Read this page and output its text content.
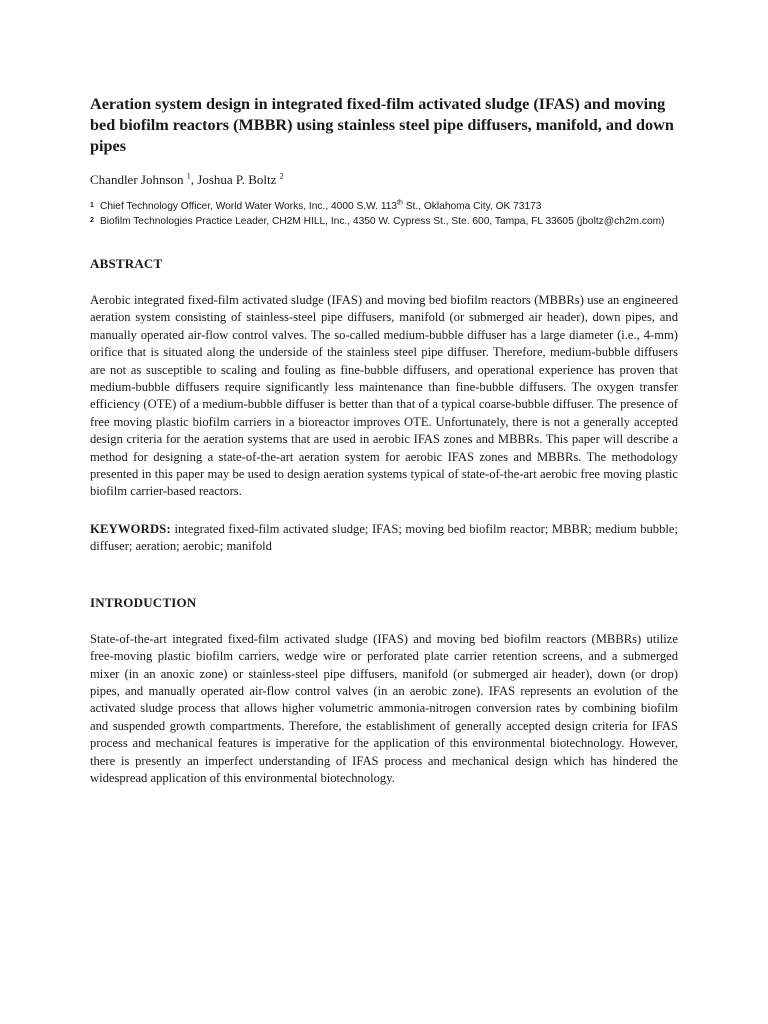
Aeration system design in integrated fixed-film activated sludge (IFAS) and moving bed biofilm reactors (MBBR) using stainless steel pipe diffusers, manifold, and down pipes

Chandler Johnson $^1$, Joshua P. Boltz $^2$

1 Chief Technology Officer, World Water Works, Inc., 4000 S.W. 113th St., Oklahoma City, OK 73173

2 Biofilm Technologies Practice Leader, CH2M HILL, Inc., 4350 W. Cypress St., Ste. 600, Tampa, FL 33605 (jboltz@ch2m.com)

ABSTRACT

Aerobic integrated fixed-film activated sludge (IFAS) and moving bed biofilm reactors (MBBRs) use an engineered aeration system consisting of stainless-steel pipe diffusers, manifold (or submerged air header), down pipes, and manually operated air-flow control valves. The so-called medium-bubble diffuser has a large diameter (i.e., 4-mm) orifice that is situated along the underside of the stainless steel pipe diffuser. Therefore, medium-bubble diffusers are not as susceptible to scaling and fouling as fine-bubble diffusers, and operational experience has proven that medium-bubble diffusers require significantly less maintenance than fine-bubble diffusers. The oxygen transfer efficiency (OTE) of a medium-bubble diffuser is better than that of a typical coarse-bubble diffuser. The presence of free moving plastic biofilm carriers in a bioreactor improves OTE. Unfortunately, there is not a generally accepted design criteria for the aeration systems that are used in aerobic IFAS zones and MBBRs. This paper will describe a method for designing a state-of-the-art aeration system for aerobic IFAS zones and MBBRs. The methodology presented in this paper may be used to design aeration systems typical of state-of-the-art aerobic free moving plastic biofilm carrier-based reactors.

KEYWORDS: integrated fixed-film activated sludge; IFAS; moving bed biofilm reactor; MBBR; medium bubble; diffuser; aeration; aerobic; manifold

INTRODUCTION

State-of-the-art integrated fixed-film activated sludge (IFAS) and moving bed biofilm reactors (MBBRs) utilize free-moving plastic biofilm carriers, wedge wire or perforated plate carrier retention screens, and a submerged mixer (in an anoxic zone) or stainless-steel pipe diffusers, manifold (or submerged air header), down (or drop) pipes, and manually operated air-flow control valves (in an aerobic zone). IFAS represents an evolution of the activated sludge process that allows higher volumetric ammonia-nitrogen conversion rates by combining biofilm and suspended growth compartments. Therefore, the establishment of generally accepted design criteria for IFAS process and mechanical features is imperative for the application of this environmental biotechnology. However, there is presently an imperfect understanding of IFAS process and mechanical design which has hindered the widespread application of this environmental biotechnology.
